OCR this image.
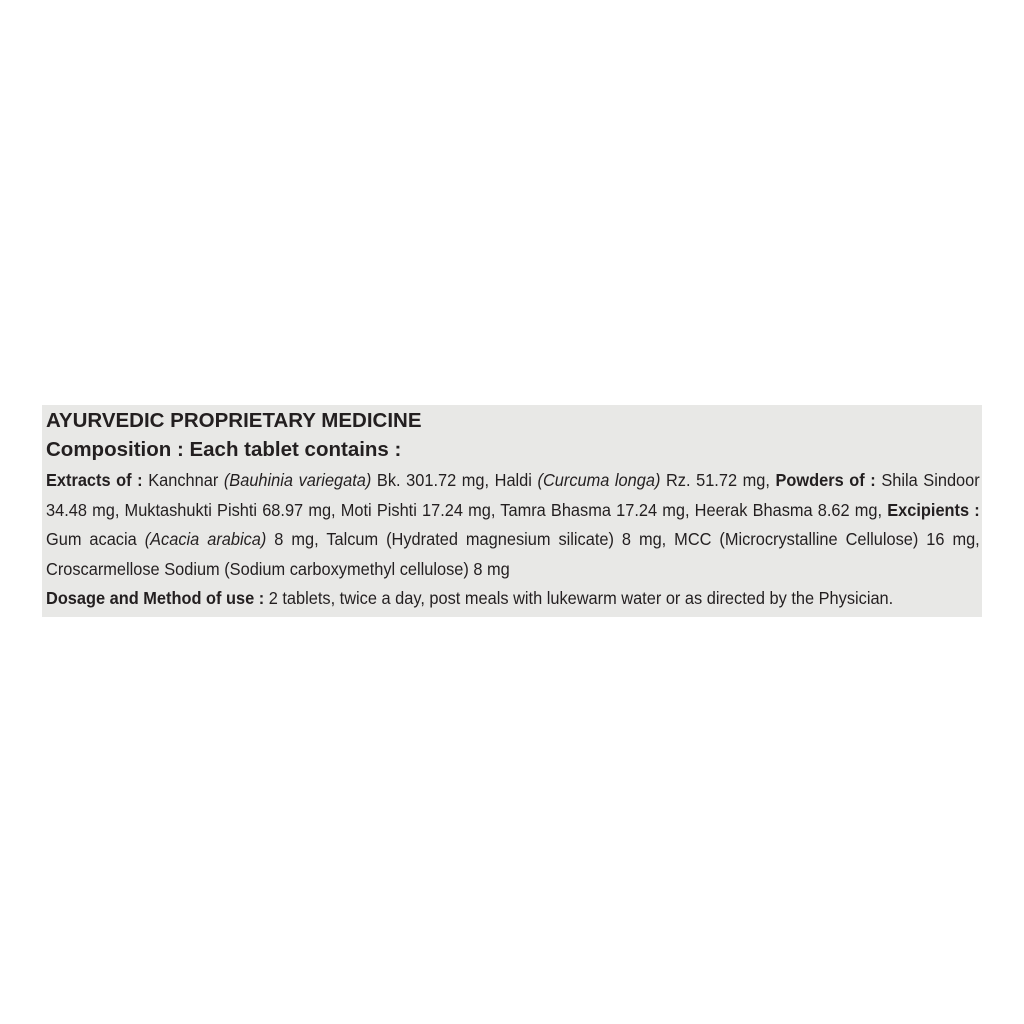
AYURVEDIC PROPRIETARY MEDICINE
Composition : Each tablet contains :
Extracts of : Kanchnar (Bauhinia variegata) Bk. 301.72 mg, Haldi (Curcuma longa) Rz. 51.72 mg, Powders of : Shila Sindoor 34.48 mg, Muktashukti Pishti 68.97 mg, Moti Pishti 17.24 mg, Tamra Bhasma 17.24 mg, Heerak Bhasma 8.62 mg, Excipients : Gum acacia (Acacia arabica) 8 mg, Talcum (Hydrated magnesium silicate) 8 mg, MCC (Microcrystalline Cellulose) 16 mg, Croscarmellose Sodium (Sodium carboxymethyl cellulose) 8 mg
Dosage and Method of use : 2 tablets, twice a day, post meals with lukewarm water or as directed by the Physician.
